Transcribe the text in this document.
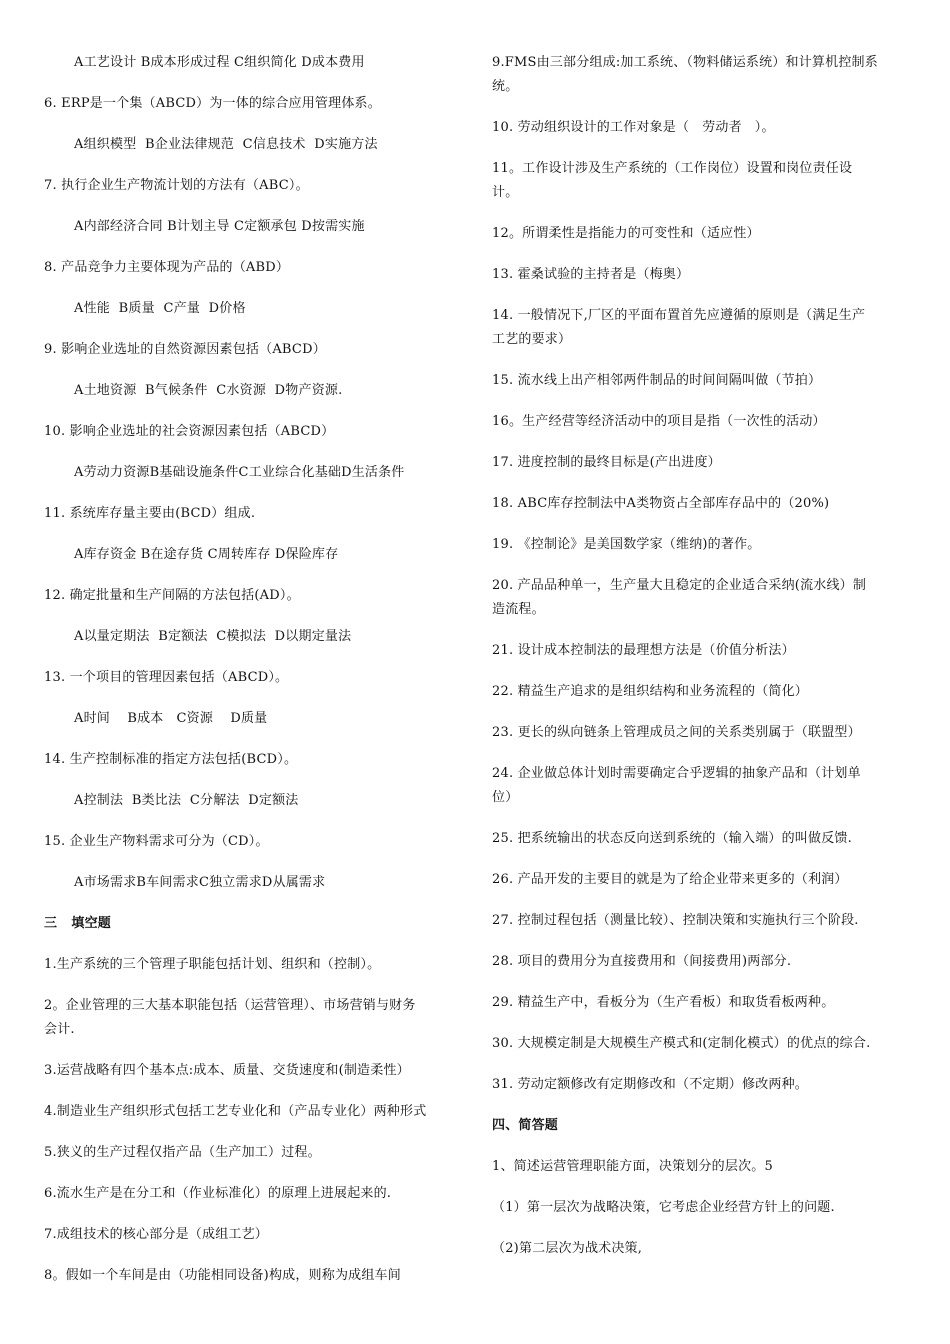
A工艺设计 B成本形成过程 C组织简化 D成本费用
6. ERP是一个集（ABCD）为一体的综合应用管理体系。
A组织模型  B企业法律规范  C信息技术  D实施方法
7. 执行企业生产物流计划的方法有（ABC）。
A内部经济合同 B计划主导 C定额承包 D按需实施
8. 产品竞争力主要体现为产品的（ABD）
A性能  B质量  C产量  D价格
9. 影响企业选址的自然资源因素包括（ABCD）
A土地资源  B气候条件  C水资源  D物产资源.
10. 影响企业选址的社会资源因素包括（ABCD）
A劳动力资源B基础设施条件C工业综合化基础D生活条件
11. 系统库存量主要由(BCD）组成.
A库存资金 B在途存货 C周转库存 D保险库存
12. 确定批量和生产间隔的方法包括(AD）。
A以量定期法  B定额法  C模拟法  D以期定量法
13. 一个项目的管理因素包括（ABCD）。
A时间    B成本   C资源    D质量
14. 生产控制标准的指定方法包括(BCD）。
A控制法  B类比法  C分解法  D定额法
15. 企业生产物料需求可分为（CD）。
A市场需求B车间需求C独立需求D从属需求
三   填空题
1.生产系统的三个管理子职能包括计划、组织和（控制）。
2。企业管理的三大基本职能包括（运营管理）、市场营销与财务
会计.
3.运营战略有四个基本点:成本、质量、交货速度和(制造柔性）
4.制造业生产组织形式包括工艺专业化和（产品专业化）两种形式
5.狭义的生产过程仅指产品（生产加工）过程。
6.流水生产是在分工和（作业标准化）的原理上进展起来的.
7.成组技术的核心部分是（成组工艺）
8。假如一个车间是由（功能相同设备)构成，则称为成组车间
9.FMS由三部分组成:加工系统、（物料储运系统）和计算机控制系
统。
10. 劳动组织设计的工作对象是（   劳动者   ）。
11。工作设计涉及生产系统的（工作岗位）设置和岗位责任设
计。
12。所谓柔性是指能力的可变性和（适应性）
13. 霍桑试验的主持者是（梅奥）
14. 一般情况下,厂区的平面布置首先应遵循的原则是（满足生产
工艺的要求）
15. 流水线上出产相邻两件制品的时间间隔叫做（节拍）
16。生产经营等经济活动中的项目是指（一次性的活动）
17. 进度控制的最终目标是(产出进度）
18. ABC库存控制法中A类物资占全部库存品中的（20%)
19. 《控制论》是美国数学家（维纳)的著作。
20. 产品品种单一，生产量大且稳定的企业适合采纳(流水线）制
造流程。
21. 设计成本控制法的最理想方法是（价值分析法）
22. 精益生产追求的是组织结构和业务流程的（简化）
23. 更长的纵向链条上管理成员之间的关系类别属于（联盟型）
24. 企业做总体计划时需要确定合乎逻辑的抽象产品和（计划单
位）
25. 把系统输出的状态反向送到系统的（输入端）的叫做反馈.
26. 产品开发的主要目的就是为了给企业带来更多的（利润）
27. 控制过程包括（测量比较）、控制决策和实施执行三个阶段.
28. 项目的费用分为直接费用和（间接费用)两部分.
29. 精益生产中，看板分为（生产看板）和取货看板两种。
30. 大规模定制是大规模生产模式和(定制化模式）的优点的综合.
31. 劳动定额修改有定期修改和（不定期）修改两种。
四、简答题
1、简述运营管理职能方面，决策划分的层次。5
（1）第一层次为战略决策，它考虑企业经营方针上的问题.
（2)第二层次为战术决策,
